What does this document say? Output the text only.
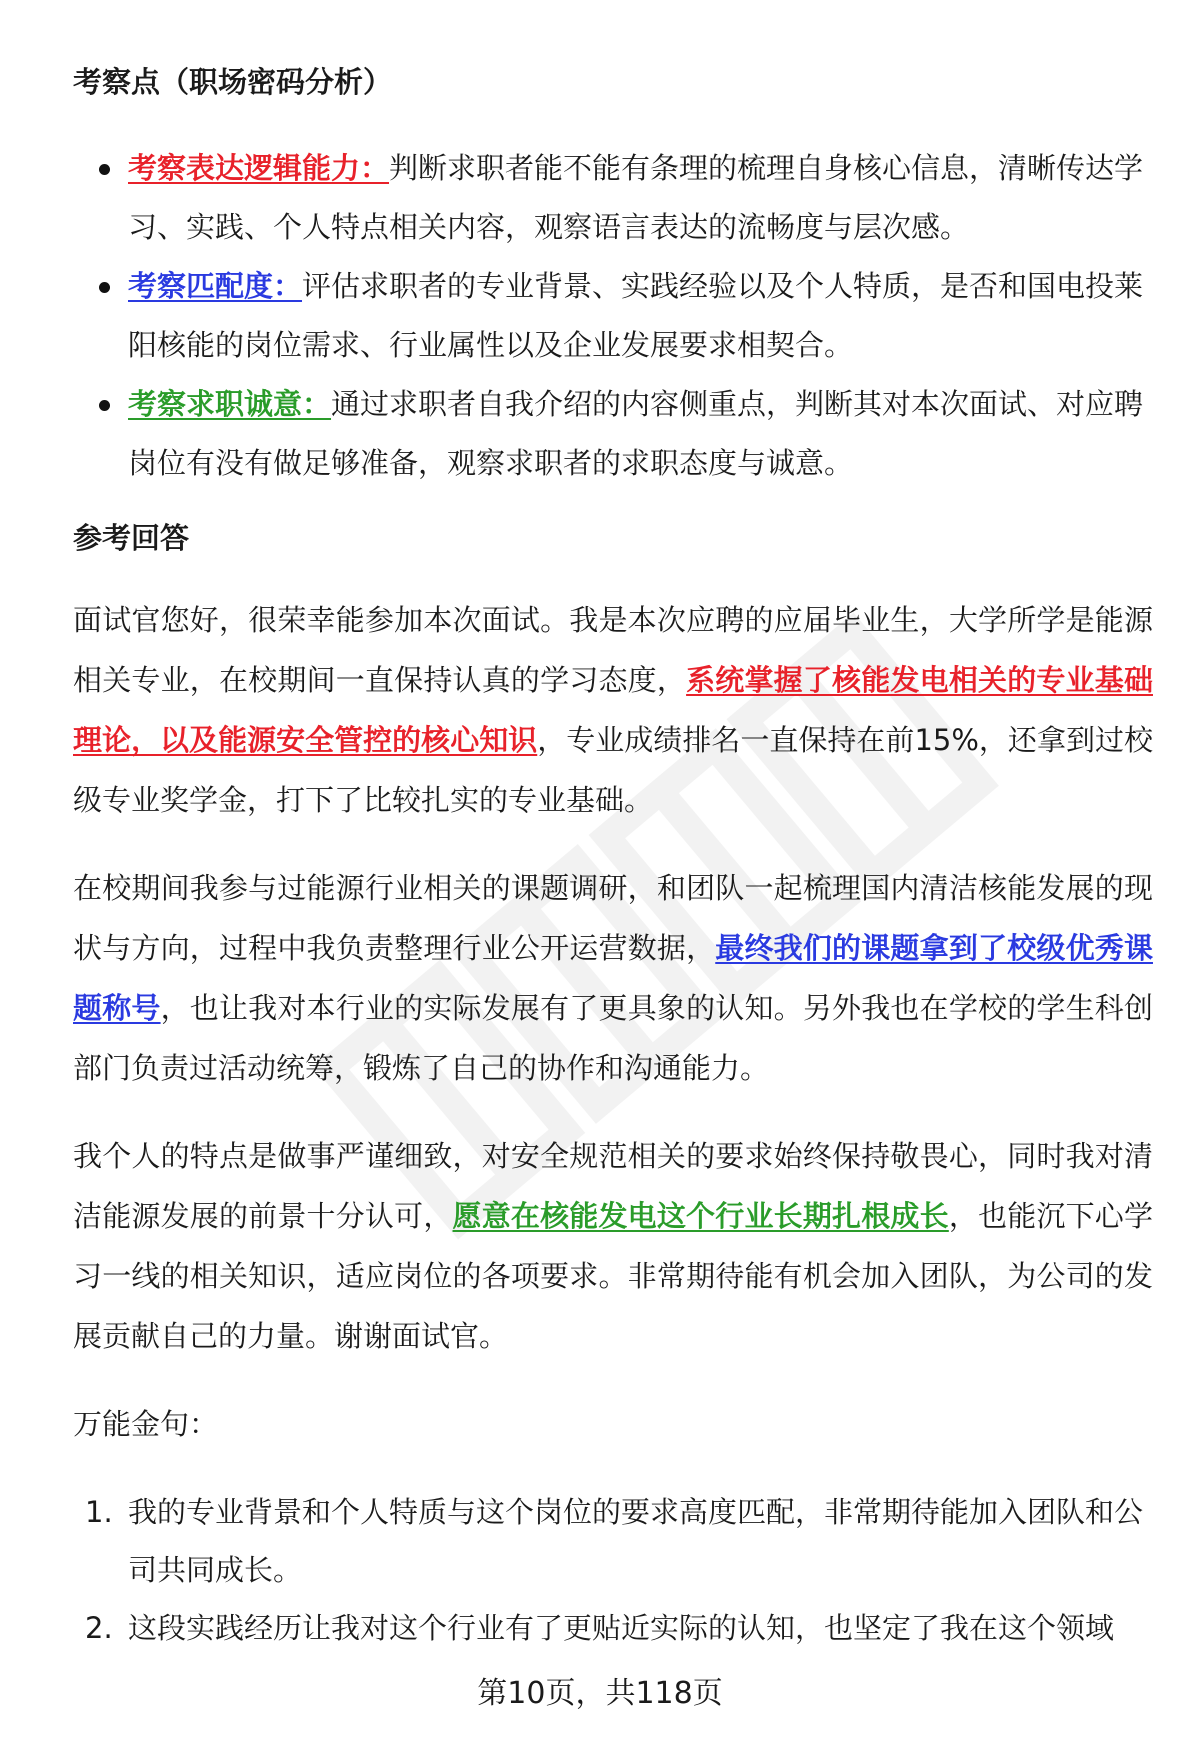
考察点（职场密码分析）
考察表达逻辑能力：判断求职者能不能有条理的梳理自身核心信息，清晰传达学习、实践、个人特点相关内容，观察语言表达的流畅度与层次感。
考察匹配度：评估求职者的专业背景、实践经验以及个人特质，是否和国电投莱阳核能的岗位需求、行业属性以及企业发展要求相契合。
考察求职诚意：通过求职者自我介绍的内容侧重点，判断其对本次面试、对应聘岗位有没有做足够准备，观察求职者的求职态度与诚意。
参考回答

面试官您好，很荣幸能参加本次面试。我是本次应聘的应届毕业生，大学所学是能源相关专业，在校期间一直保持认真的学习态度，系统掌握了核能发电相关的专业基础理论，以及能源安全管控的核心知识，专业成绩排名一直保持在前15%，还拿到过校级专业奖学金，打下了比较扎实的专业基础。

在校期间我参与过能源行业相关的课题调研，和团队一起梳理国内清洁核能发展的现状与方向，过程中我负责整理行业公开运营数据，最终我们的课题拿到了校级优秀课题称号，也让我对本行业的实际发展有了更具象的认知。另外我也在学校的学生科创部门负责过活动统筹，锻炼了自己的协作和沟通能力。

我个人的特点是做事严谨细致，对安全规范相关的要求始终保持敬畏心，同时我对清洁能源发展的前景十分认可，愿意在核能发电这个行业长期扎根成长，也能沉下心学习一线的相关知识，适应岗位的各项要求。非常期待能有机会加入团队，为公司的发展贡献自己的力量。谢谢面试官。

万能金句：

1. 我的专业背景和个人特质与这个岗位的要求高度匹配，非常期待能加入团队和公司共同成长。
2. 这段实践经历让我对这个行业有了更贴近实际的认知，也坚定了我在这个领域
第10页，共118页
